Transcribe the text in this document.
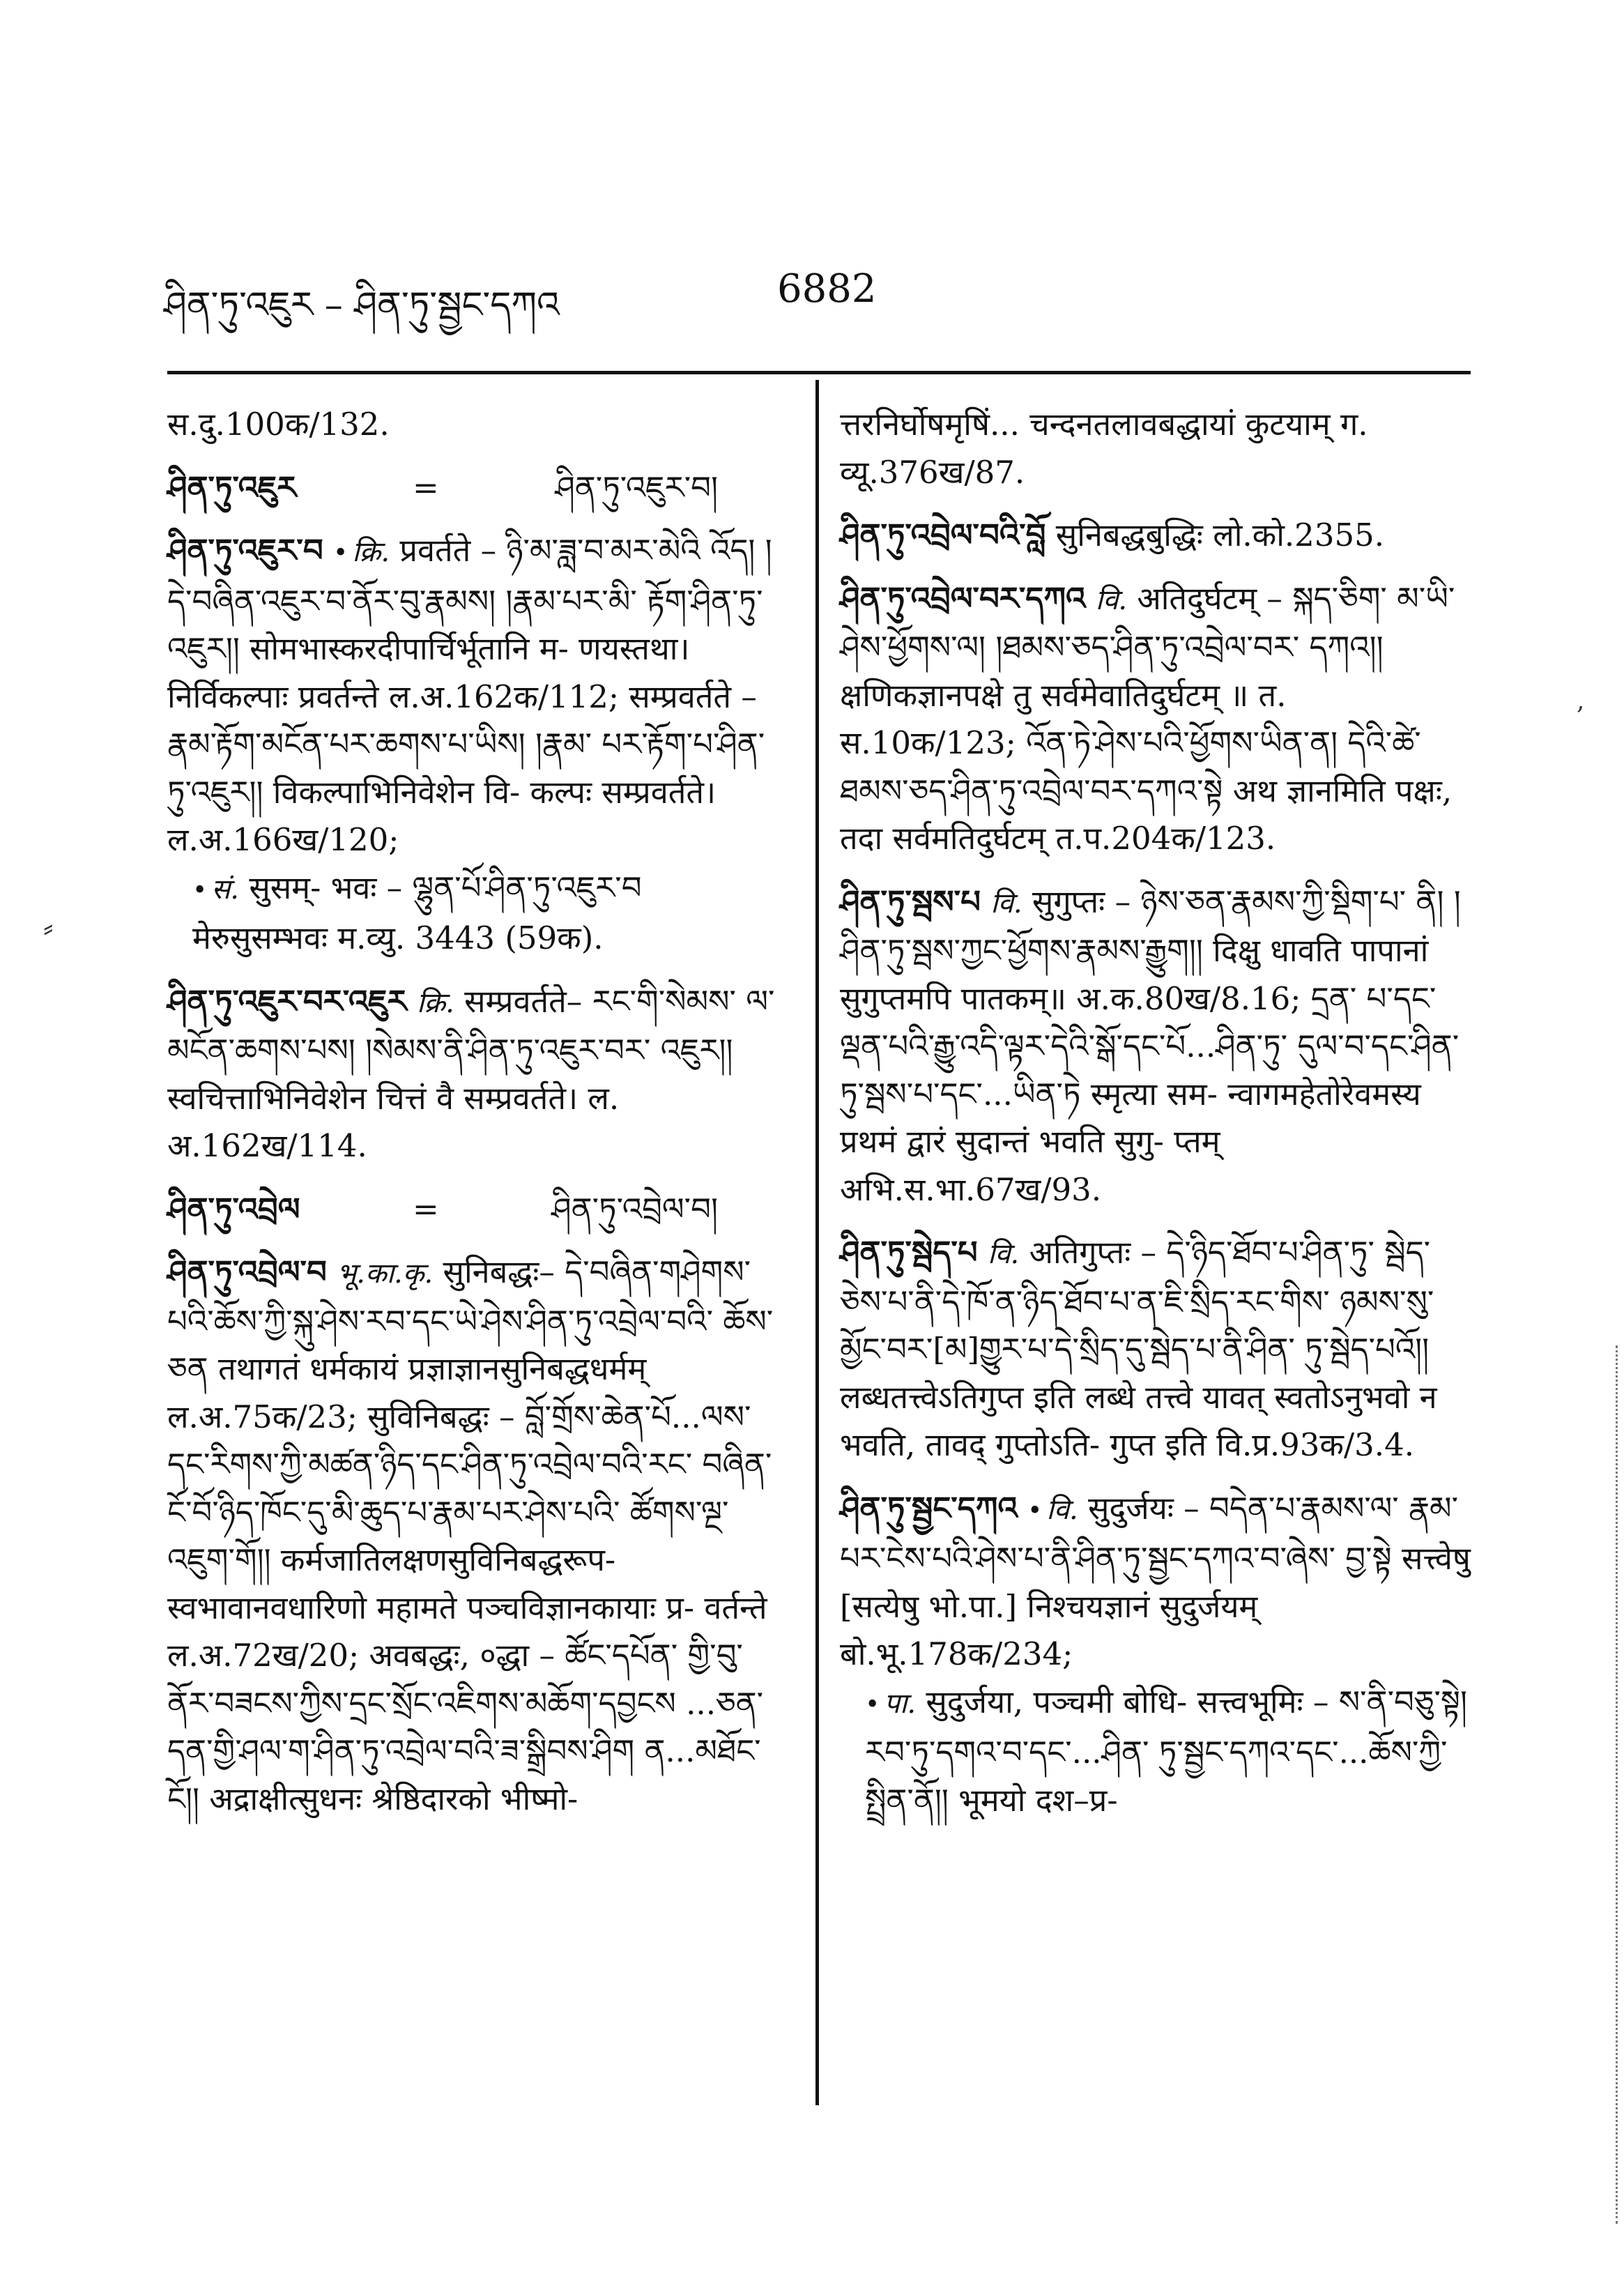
ཤིན་ཏུ་འཇུར – ཤིན་ཏུ་སྦྱང་དཀའ	6882
⸗
,
स.दु.100क/132.
ཤིན་ཏུ་འཇུར	=	ཤིན་ཏུ་འཇུར་བ།
ཤིན་ཏུ་འཇུར་བ • क्रि. प्रवर्तते – ཉི་མ་ཟླ་བ་མར་མེའི འོད། །དེ་བཞིན་འཇུར་བ་ནོར་བུ་རྣམས། །རྣམ་པར་མི་ རྟོག་ཤིན་ཏུ་འཇུར།། सोमभास्करदीपार्चिर्भूतानि म- णयस्तथा। निर्विकल्पाः प्रवर्तन्ते ल.अ.162क/112; सम्प्रवर्तते – རྣམ་རྟོག་མངོན་པར་ཆགས་པ་ཡིས། །རྣམ་ པར་རྟོག་པ་ཤིན་ཏུ་འཇུར།། विकल्पाभिनिवेशेन वि- कल्पः सम्प्रवर्तते। ल.अ.166ख/120;
• सं. सुसम्- भवः – ལྷུན་པོ་ཤིན་ཏུ་འཇུར་བ मेरुसुसम्भवः म.व्यु. 3443 (59क).
ཤིན་ཏུ་འཇུར་བར་འཇུར क्रि. सम्प्रवर्तते– རང་གི་སེམས་ ལ་མངོན་ཆགས་པས། །སེམས་ནི་ཤིན་ཏུ་འཇུར་བར་ འཇུར།། स्वचित्ताभिनिवेशेन चित्तं वै सम्प्रवर्तते। ल. अ.162ख/114.
ཤིན་ཏུ་འབྲེལ	=	ཤིན་ཏུ་འབྲེལ་བ།
ཤིན་ཏུ་འབྲེལ་བ भू.का.कृ. सुनिबद्धः– དེ་བཞིན་གཤེགས་ པའི་ཆོས་ཀྱི་སྐུ་ཤེས་རབ་དང་ཡེ་ཤེས་ཤིན་ཏུ་འབྲེལ་བའི་ ཆོས་ཅན तथागतं धर्मकायं प्रज्ञाज्ञानसुनिबद्धधर्मम् ल.अ.75क/23; सुविनिबद्धः – བློ་གྲོས་ཆེན་པོ...ལས་ དང་རིགས་ཀྱི་མཚན་ཉིད་དང་ཤིན་ཏུ་འབྲེལ་བའི་རང་ བཞིན་ངོ་བོ་ཉིད་ཁོང་དུ་མི་ཆུད་པ་རྣམ་པར་ཤེས་པའི་ ཚོགས་ལྔ་འཇུག་གོ།། कर्मजातिलक्षणसुविनिबद्धरूप- स्वभावानवधारिणो महामते पञ्चविज्ञानकायाः प्र- वर्तन्ते ल.अ.72ख/20; अवबद्धः, ०द्धा – ཚོང་དཔོན་ གྱི་བུ་ནོར་བཟངས་ཀྱིས་དྲང་སྲོང་འཇིགས་མཆོག་དབྱངས ...ཅན་དན་གྱི་ཤལ་ག་ཤིན་ཏུ་འབྲེལ་བའི་ཟ་སྒྲིབས་ཤིག ན...མཐོང་ངོ།། अद्राक्षीत्सुधनः श्रेष्ठिदारको भीष्मो-
त्तरनिर्घोषमृषिं... चन्दनतलावबद्धायां कुटयाम् ग. व्यू.376ख/87.
ཤིན་ཏུ་འབྲེལ་བའི་བློ सुनिबद्धबुद्धिः लो.को.2355.
ཤིན་ཏུ་འབྲེལ་བར་དཀའ वि. अतिदुर्घटम् – སྐད་ཅིག་ མ་ཡི་ཤེས་ཕྱོགས་ལ། །ཐམས་ཅད་ཤིན་ཏུ་འབྲེལ་བར་ དཀའ།། क्षणिकज्ञानपक्षे तु सर्वमेवातिदुर्घटम् ॥ त. स.10क/123; འོན་ཏེ་ཤེས་པའི་ཕྱོགས་ཡིན་ན། དེའི་ཚེ་ ཐམས་ཅད་ཤིན་ཏུ་འབྲེལ་བར་དཀའ་སྟེ अथ ज्ञानमिति पक्षः, तदा सर्वमतिदुर्घटम् त.प.204क/123.
ཤིན་ཏུ་སྦས་པ वि. सुगुप्तः – ཉེས་ཅན་རྣམས་ཀྱི་སྡིག་པ་ ནི། །ཤིན་ཏུ་སྦས་ཀྱང་ཕྱོགས་རྣམས་རྒྱུག།། दिक्षु धावति पापानां सुगुप्तमपि पातकम्॥ अ.क.80ख/8.16; དྲན་ པ་དང་ལྡན་པའི་རྒྱུ་འདི་ལྟར་དེའི་སྒོ་དང་པོ...ཤིན་ཏུ་ དུལ་བ་དང་ཤིན་ཏུ་སྦས་པ་དང་...ཡིན་ཏེ स्मृत्या सम- न्वागमहेतोरेवमस्य प्रथमं द्वारं सुदान्तं भवति सुगु- प्तम् अभि.स.भा.67ख/93.
ཤིན་ཏུ་སྦེད་པ वि. अतिगुप्तः – དེ་ཉིད་ཐོབ་པ་ཤིན་ཏུ་ སྦེད་ཅེས་པ་ནི་དེ་ཁོ་ན་ཉིད་ཐོབ་པ་ན་ཇི་སྲིད་རང་གིས་ ཉམས་སུ་མྱོང་བར་[མ]གྱུར་པ་དེ་སྲིད་དུ་སྦེད་པ་ནི་ཤིན་ ཏུ་སྦེད་པའོ།། लब्धतत्त्वेऽतिगुप्त इति लब्धे तत्त्वे यावत् स्वतोऽनुभवो न भवति, तावद् गुप्तोऽति- गुप्त इति वि.प्र.93क/3.4.
ཤིན་ཏུ་སྦྱང་དཀའ • वि. सुदुर्जयः – བདེན་པ་རྣམས་ལ་ རྣམ་པར་ངེས་པའི་ཤེས་པ་ནི་ཤིན་ཏུ་སྦྱང་དཀའ་བ་ཞེས་ བྱ་སྟེ सत्त्वेषु [सत्येषु भो.पा.] निश्चयज्ञानं सुदुर्जयम् बो.भू.178क/234;
• पा. सुदुर्जया, पञ्चमी बोधि- सत्त्वभूमिः – ས་ནི་བཅུ་སྟེ། རབ་ཏུ་དགའ་བ་དང་...ཤིན་ ཏུ་སྦྱང་དཀའ་དང་...ཆོས་ཀྱི་སྤྲིན་ནོ།། भूमयो दश–प्र-
